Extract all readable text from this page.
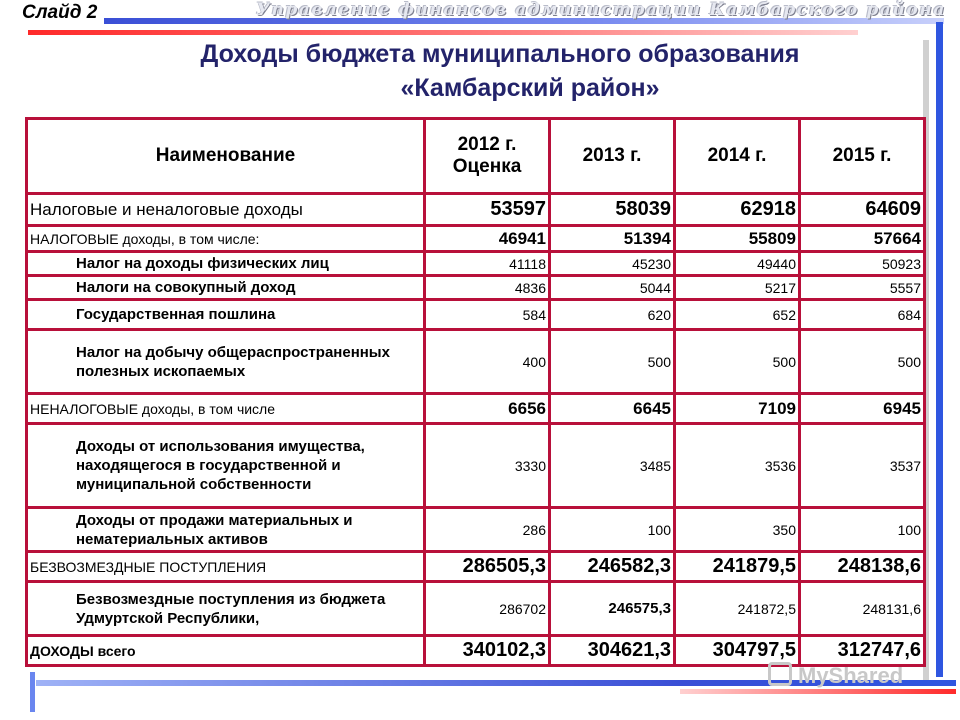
Слайд 2	Управление финансов администрации Камбарского района
Доходы бюджета муниципального образования
«Камбарский район»
Наименование	2012 г. Оценка	2013 г.	2014 г.	2015 г.
Налоговые и неналоговые доходы	53597	58039	62918	64609
НАЛОГОВЫЕ доходы, в том числе:	46941	51394	55809	57664
Налог на доходы физических лиц	41118	45230	49440	50923
Налоги на совокупный доход	4836	5044	5217	5557
Государственная пошлина	584	620	652	684
Налог на добычу общераспространенных полезных ископаемых	400	500	500	500
НЕНАЛОГОВЫЕ доходы, в том числе	6656	6645	7109	6945
Доходы от использования имущества, находящегося в государственной и муниципальной собственности	3330	3485	3536	3537
Доходы от продажи материальных и нематериальных активов	286	100	350	100
БЕЗВОЗМЕЗДНЫЕ ПОСТУПЛЕНИЯ	286505,3	246582,3	241879,5	248138,6
Безвозмездные поступления из бюджета Удмуртской Республики,	286702	246575,3	241872,5	248131,6
ДОХОДЫ всего	340102,3	304621,3	304797,5	312747,6
MyShared
